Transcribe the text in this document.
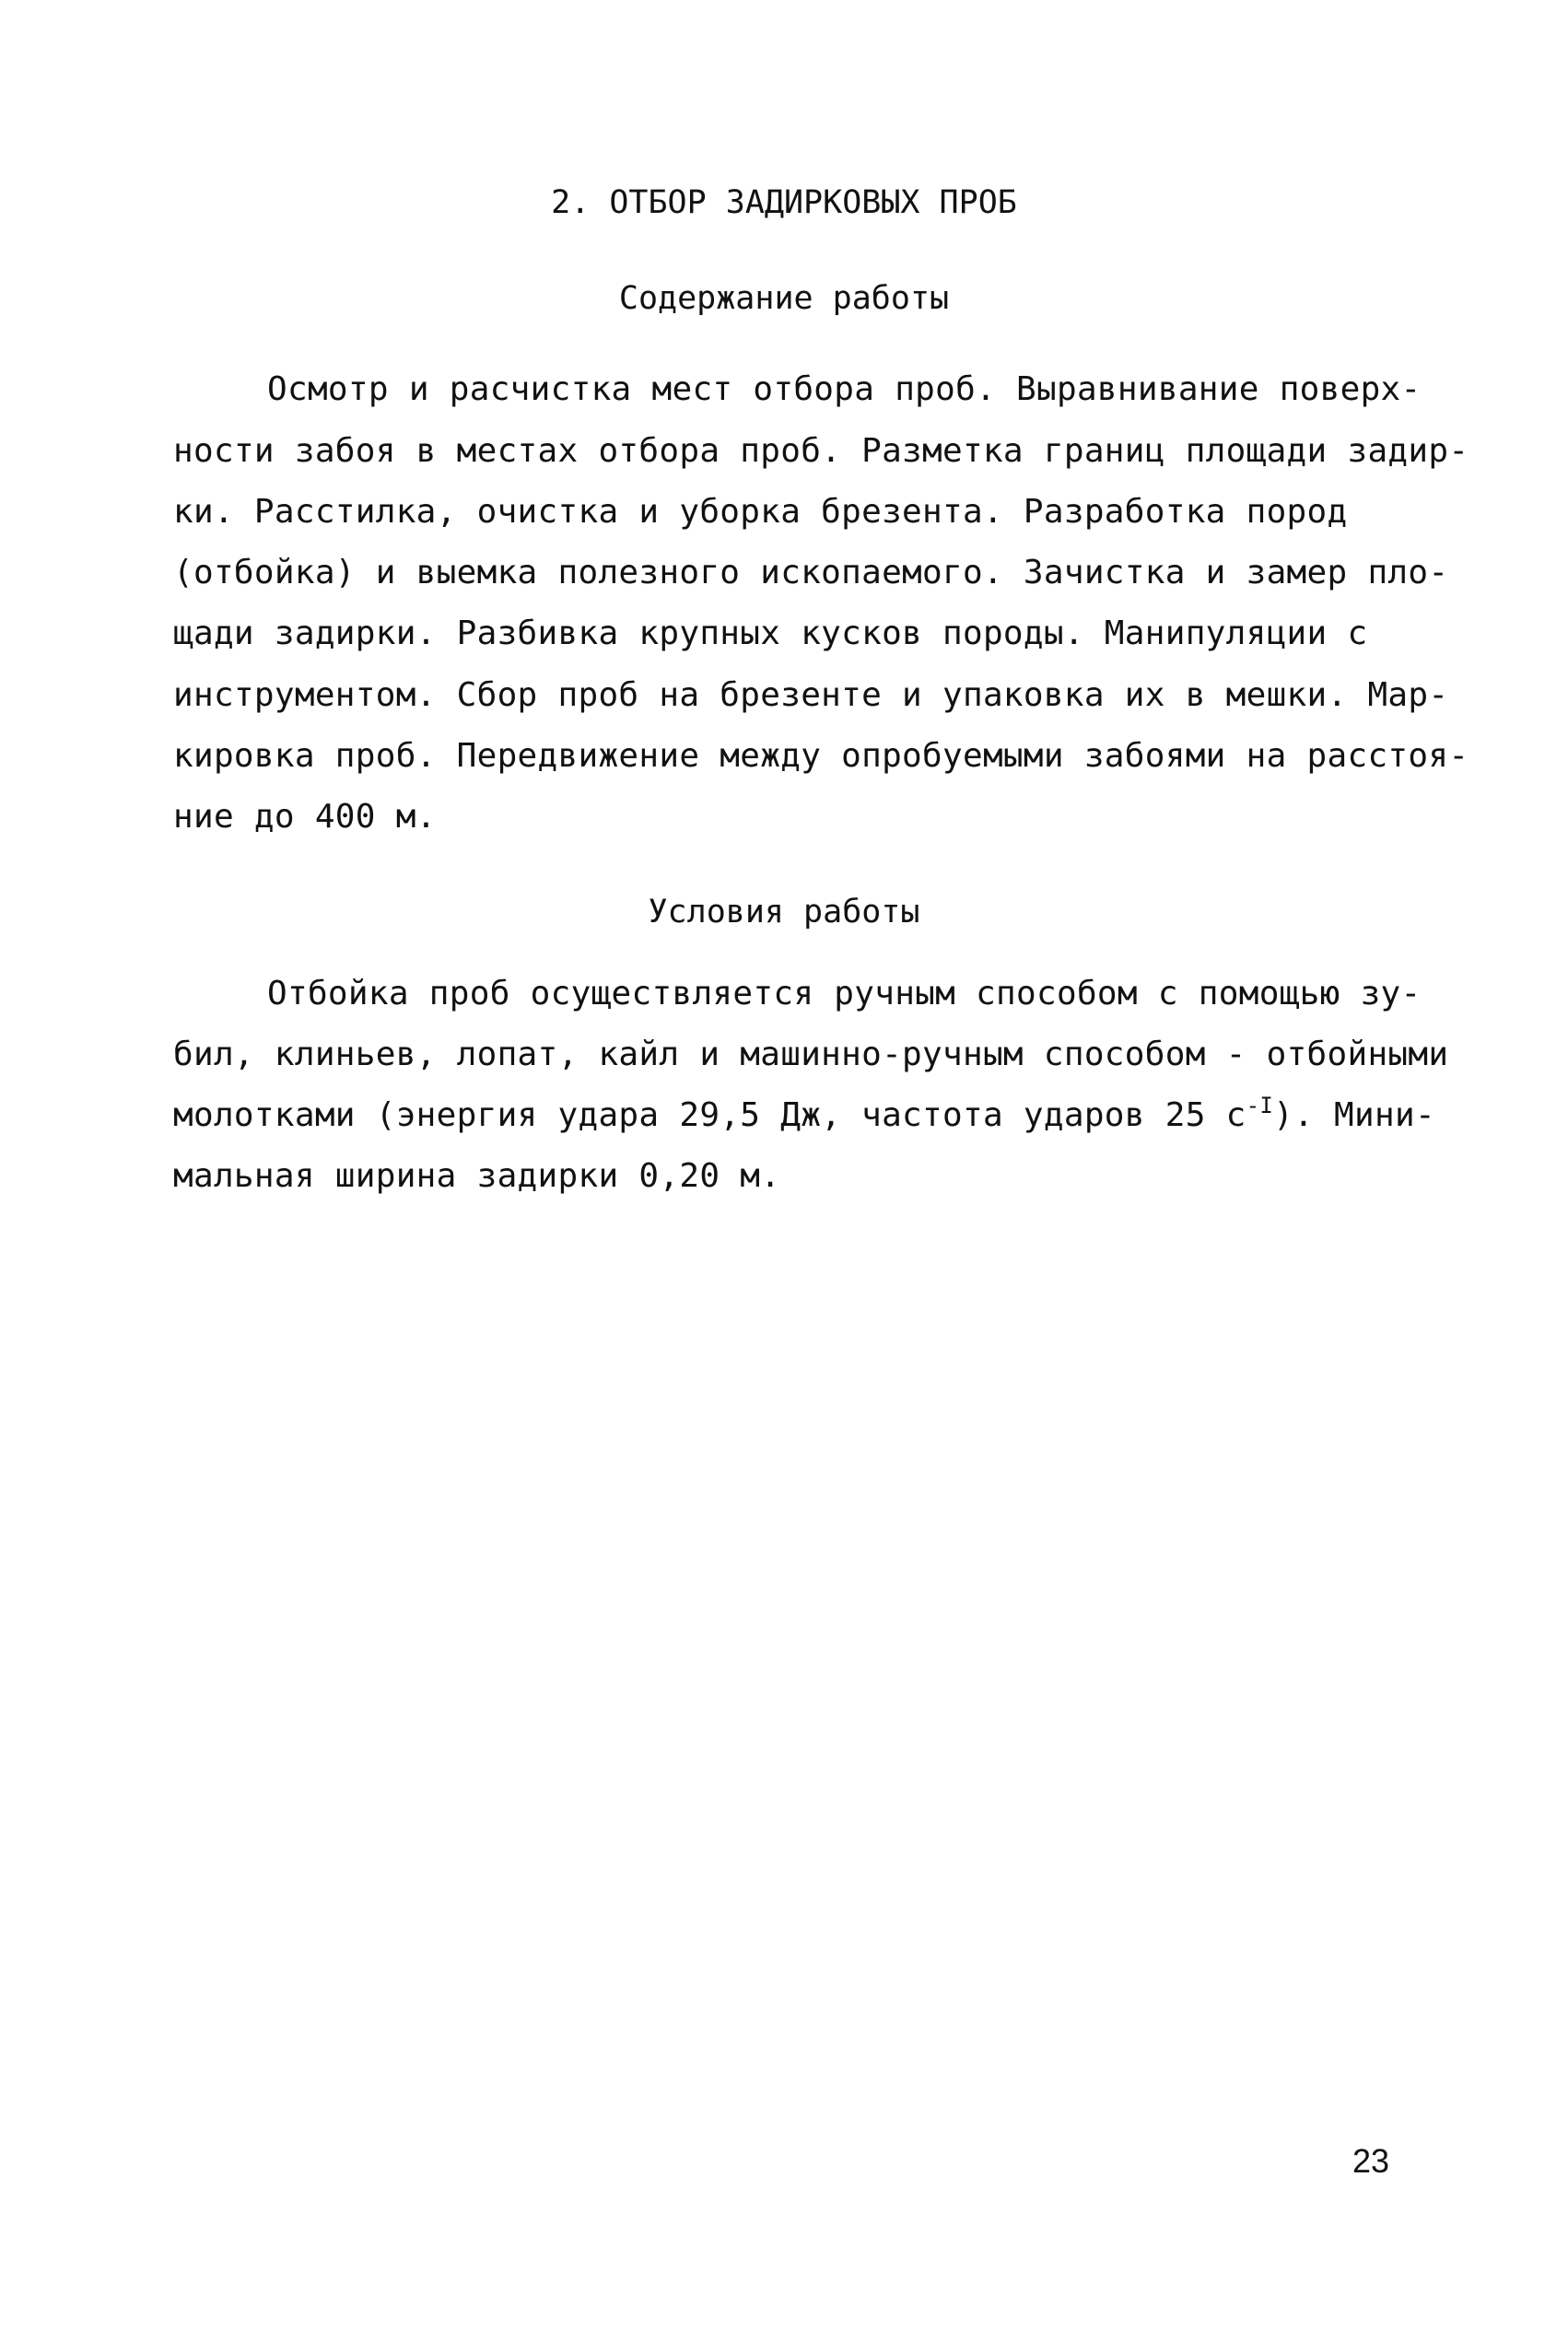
2. ОТБОР ЗАДИРКОВЫХ ПРОБ
Содержание работы
Осмотр и расчистка мест отбора проб. Выравнивание поверх-
ности забоя в местах отбора проб. Разметка границ площади задир-
ки. Расстилка, очистка и уборка брезента. Разработка пород
(отбойка) и выемка полезного ископаемого. Зачистка и замер пло-
щади задирки. Разбивка крупных кусков породы. Манипуляции с
инструментом. Сбор проб на брезенте и упаковка их в мешки. Мар-
кировка проб. Передвижение между опробуемыми забоями на расстоя-
ние до 400 м.
Условия работы
Отбойка проб осуществляется ручным способом с помощью зу-
бил, клиньев, лопат, кайл и машинно-ручным способом - отбойными
молотками (энергия удара 29,5 Дж, частота ударов 25 $с^{-I}$). Мини-
мальная ширина задирки 0,20 м.
23
